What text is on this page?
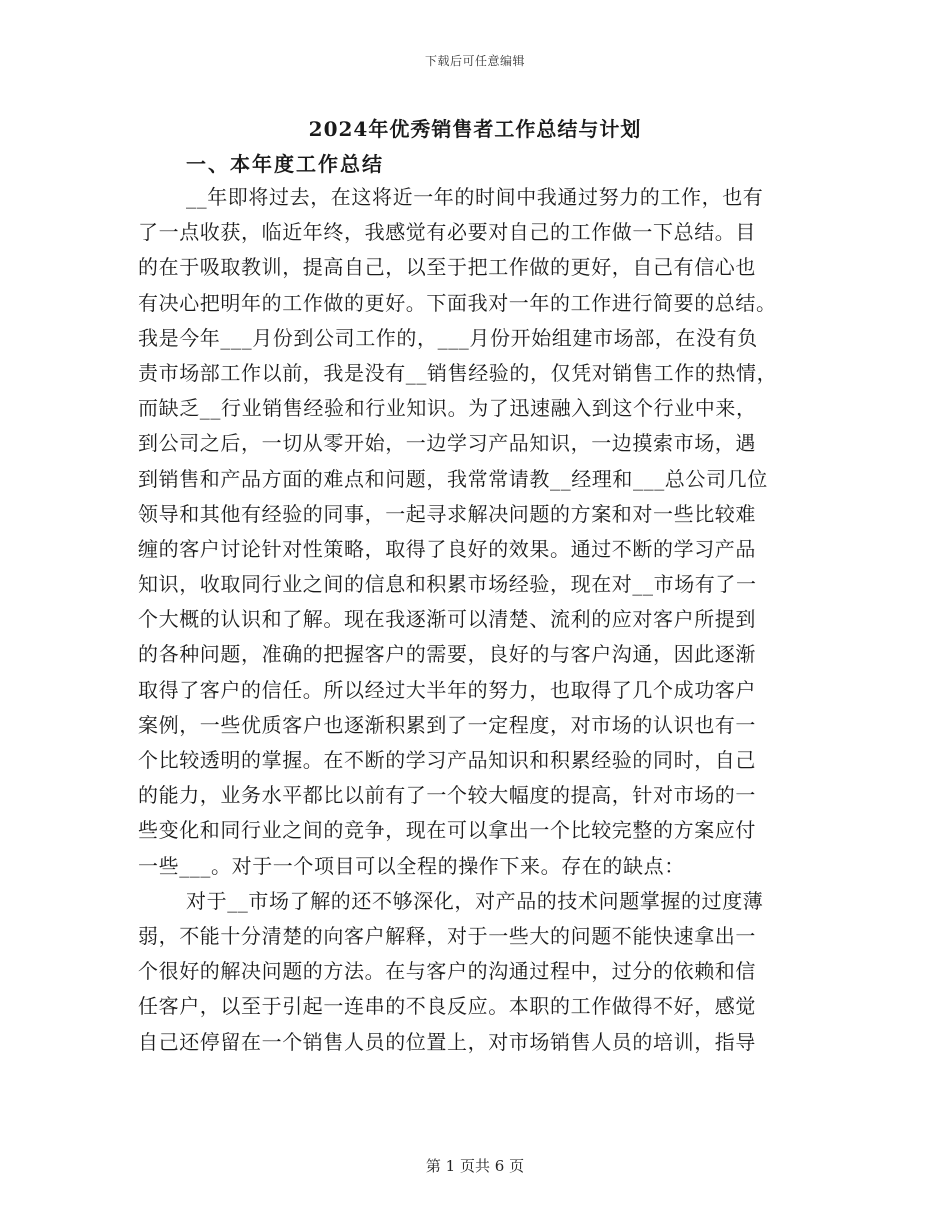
下载后可任意编辑
2024年优秀销售者工作总结与计划
一、本年度工作总结
__年即将过去，在这将近一年的时间中我通过努力的工作，也有
了一点收获，临近年终，我感觉有必要对自己的工作做一下总结。目
的在于吸取教训，提高自己，以至于把工作做的更好，自己有信心也
有决心把明年的工作做的更好。下面我对一年的工作进行简要的总结。
我是今年___月份到公司工作的，___月份开始组建市场部，在没有负
责市场部工作以前，我是没有__销售经验的，仅凭对销售工作的热情，
而缺乏__行业销售经验和行业知识。为了迅速融入到这个行业中来，
到公司之后，一切从零开始，一边学习产品知识，一边摸索市场，遇
到销售和产品方面的难点和问题，我常常请教__经理和___总公司几位
领导和其他有经验的同事，一起寻求解决问题的方案和对一些比较难
缠的客户讨论针对性策略，取得了良好的效果。通过不断的学习产品
知识，收取同行业之间的信息和积累市场经验，现在对__市场有了一
个大概的认识和了解。现在我逐渐可以清楚、流利的应对客户所提到
的各种问题，准确的把握客户的需要，良好的与客户沟通，因此逐渐
取得了客户的信任。所以经过大半年的努力，也取得了几个成功客户
案例，一些优质客户也逐渐积累到了一定程度，对市场的认识也有一
个比较透明的掌握。在不断的学习产品知识和积累经验的同时，自己
的能力，业务水平都比以前有了一个较大幅度的提高，针对市场的一
些变化和同行业之间的竞争，现在可以拿出一个比较完整的方案应付
一些___。对于一个项目可以全程的操作下来。存在的缺点：
对于__市场了解的还不够深化，对产品的技术问题掌握的过度薄
弱，不能十分清楚的向客户解释，对于一些大的问题不能快速拿出一
个很好的解决问题的方法。在与客户的沟通过程中，过分的依赖和信
任客户，以至于引起一连串的不良反应。本职的工作做得不好，感觉
自己还停留在一个销售人员的位置上，对市场销售人员的培训，指导
第 1 页共 6 页
